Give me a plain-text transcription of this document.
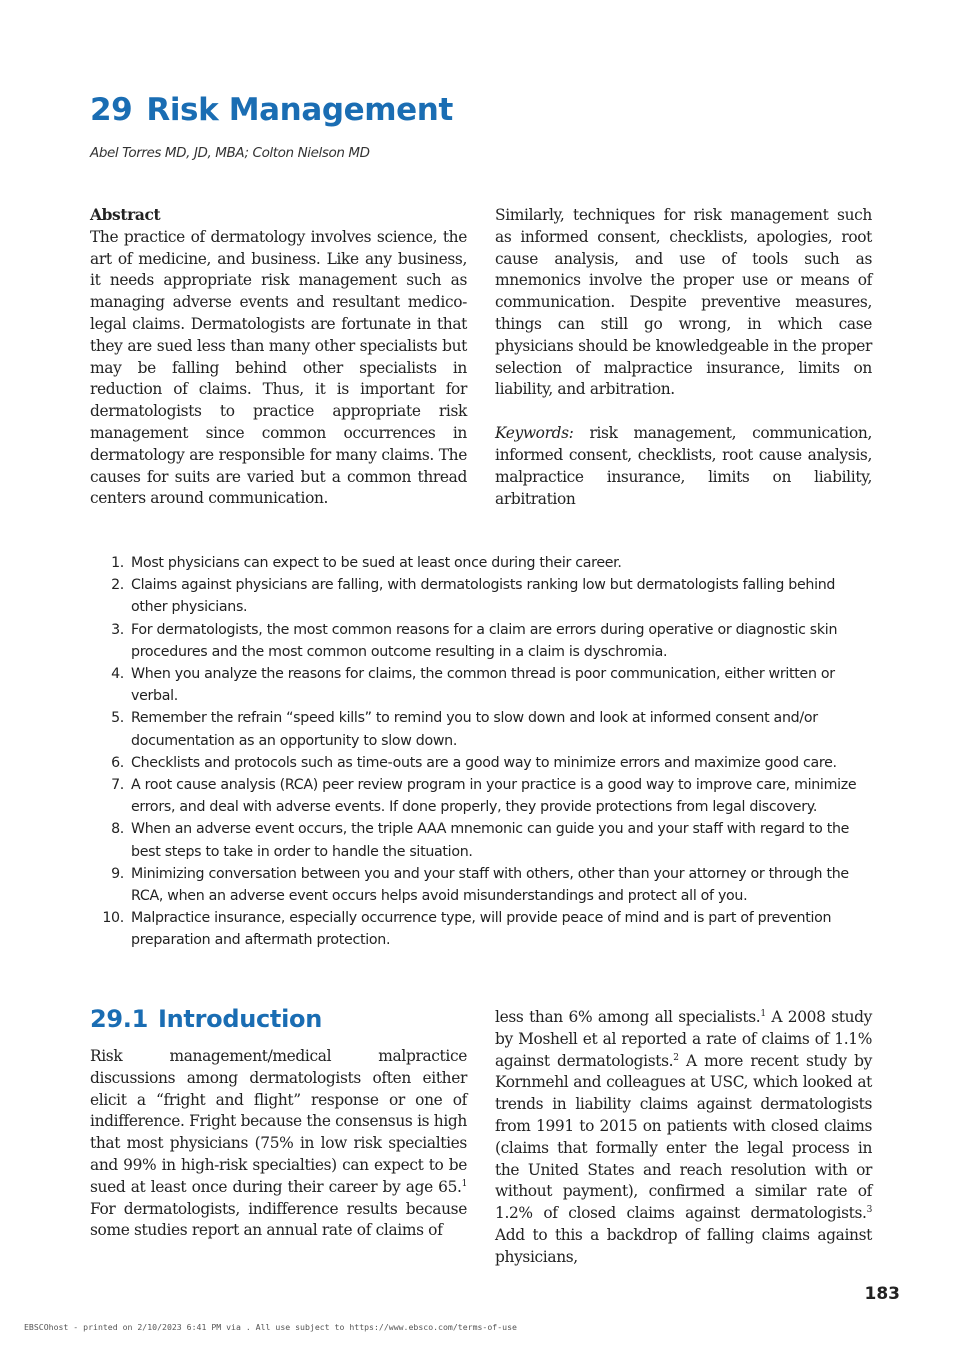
29 Risk Management
Abel Torres MD, JD, MBA; Colton Nielson MD
Abstract

The practice of dermatology involves science, the art of medicine, and business. Like any business, it needs appropriate risk management such as managing adverse events and resultant medico-legal claims. Dermatologists are fortunate in that they are sued less than many other specialists but may be falling behind other specialists in reduction of claims. Thus, it is important for dermatologists to practice appropriate risk management since common occurrences in dermatology are responsible for many claims. The causes for suits are varied but a common thread centers around communication.

Similarly, techniques for risk management such as informed consent, checklists, apologies, root cause analysis, and use of tools such as mnemonics involve the proper use or means of communication. Despite preventive measures, things can still go wrong, in which case physicians should be knowledgeable in the proper selection of malpractice insurance, limits on liability, and arbitration.

Keywords: risk management, communication, informed consent, checklists, root cause analysis, malpractice insurance, limits on liability, arbitration

1. Most physicians can expect to be sued at least once during their career.
2. Claims against physicians are falling, with dermatologists ranking low but dermatologists falling behind other physicians.
3. For dermatologists, the most common reasons for a claim are errors during operative or diagnostic skin procedures and the most common outcome resulting in a claim is dyschromia.
4. When you analyze the reasons for claims, the common thread is poor communication, either written or verbal.
5. Remember the refrain “speed kills” to remind you to slow down and look at informed consent and/or documentation as an opportunity to slow down.
6. Checklists and protocols such as time-outs are a good way to minimize errors and maximize good care.
7. A root cause analysis (RCA) peer review program in your practice is a good way to improve care, minimize errors, and deal with adverse events. If done properly, they provide protections from legal discovery.
8. When an adverse event occurs, the triple AAA mnemonic can guide you and your staff with regard to the best steps to take in order to handle the situation.
9. Minimizing conversation between you and your staff with others, other than your attorney or through the RCA, when an adverse event occurs helps avoid misunderstandings and protect all of you.
10. Malpractice insurance, especially occurrence type, will provide peace of mind and is part of prevention preparation and aftermath protection.
29.1 Introduction

Risk management/medical malpractice discussions among dermatologists often either elicit a “fright and flight” response or one of indifference. Fright because the consensus is high that most physicians (75% in low risk specialties and 99% in high-risk specialties) can expect to be sued at least once during their career by age 65.$^1$ For dermatologists, indifference results because some studies report an annual rate of claims of

less than 6% among all specialists.$^1$ A 2008 study by Moshell et al reported a rate of claims of 1.1% against dermatologists.$^2$ A more recent study by Kornmehl and colleagues at USC, which looked at trends in liability claims against dermatologists from 1991 to 2015 on patients with closed claims (claims that formally enter the legal process in the United States and reach resolution with or without payment), confirmed a similar rate of 1.2% of closed claims against dermatologists.$^3$ Add to this a backdrop of falling claims against physicians,

183
EBSCOhost - printed on 2/10/2023 6:41 PM via . All use subject to https://www.ebsco.com/terms-of-use
